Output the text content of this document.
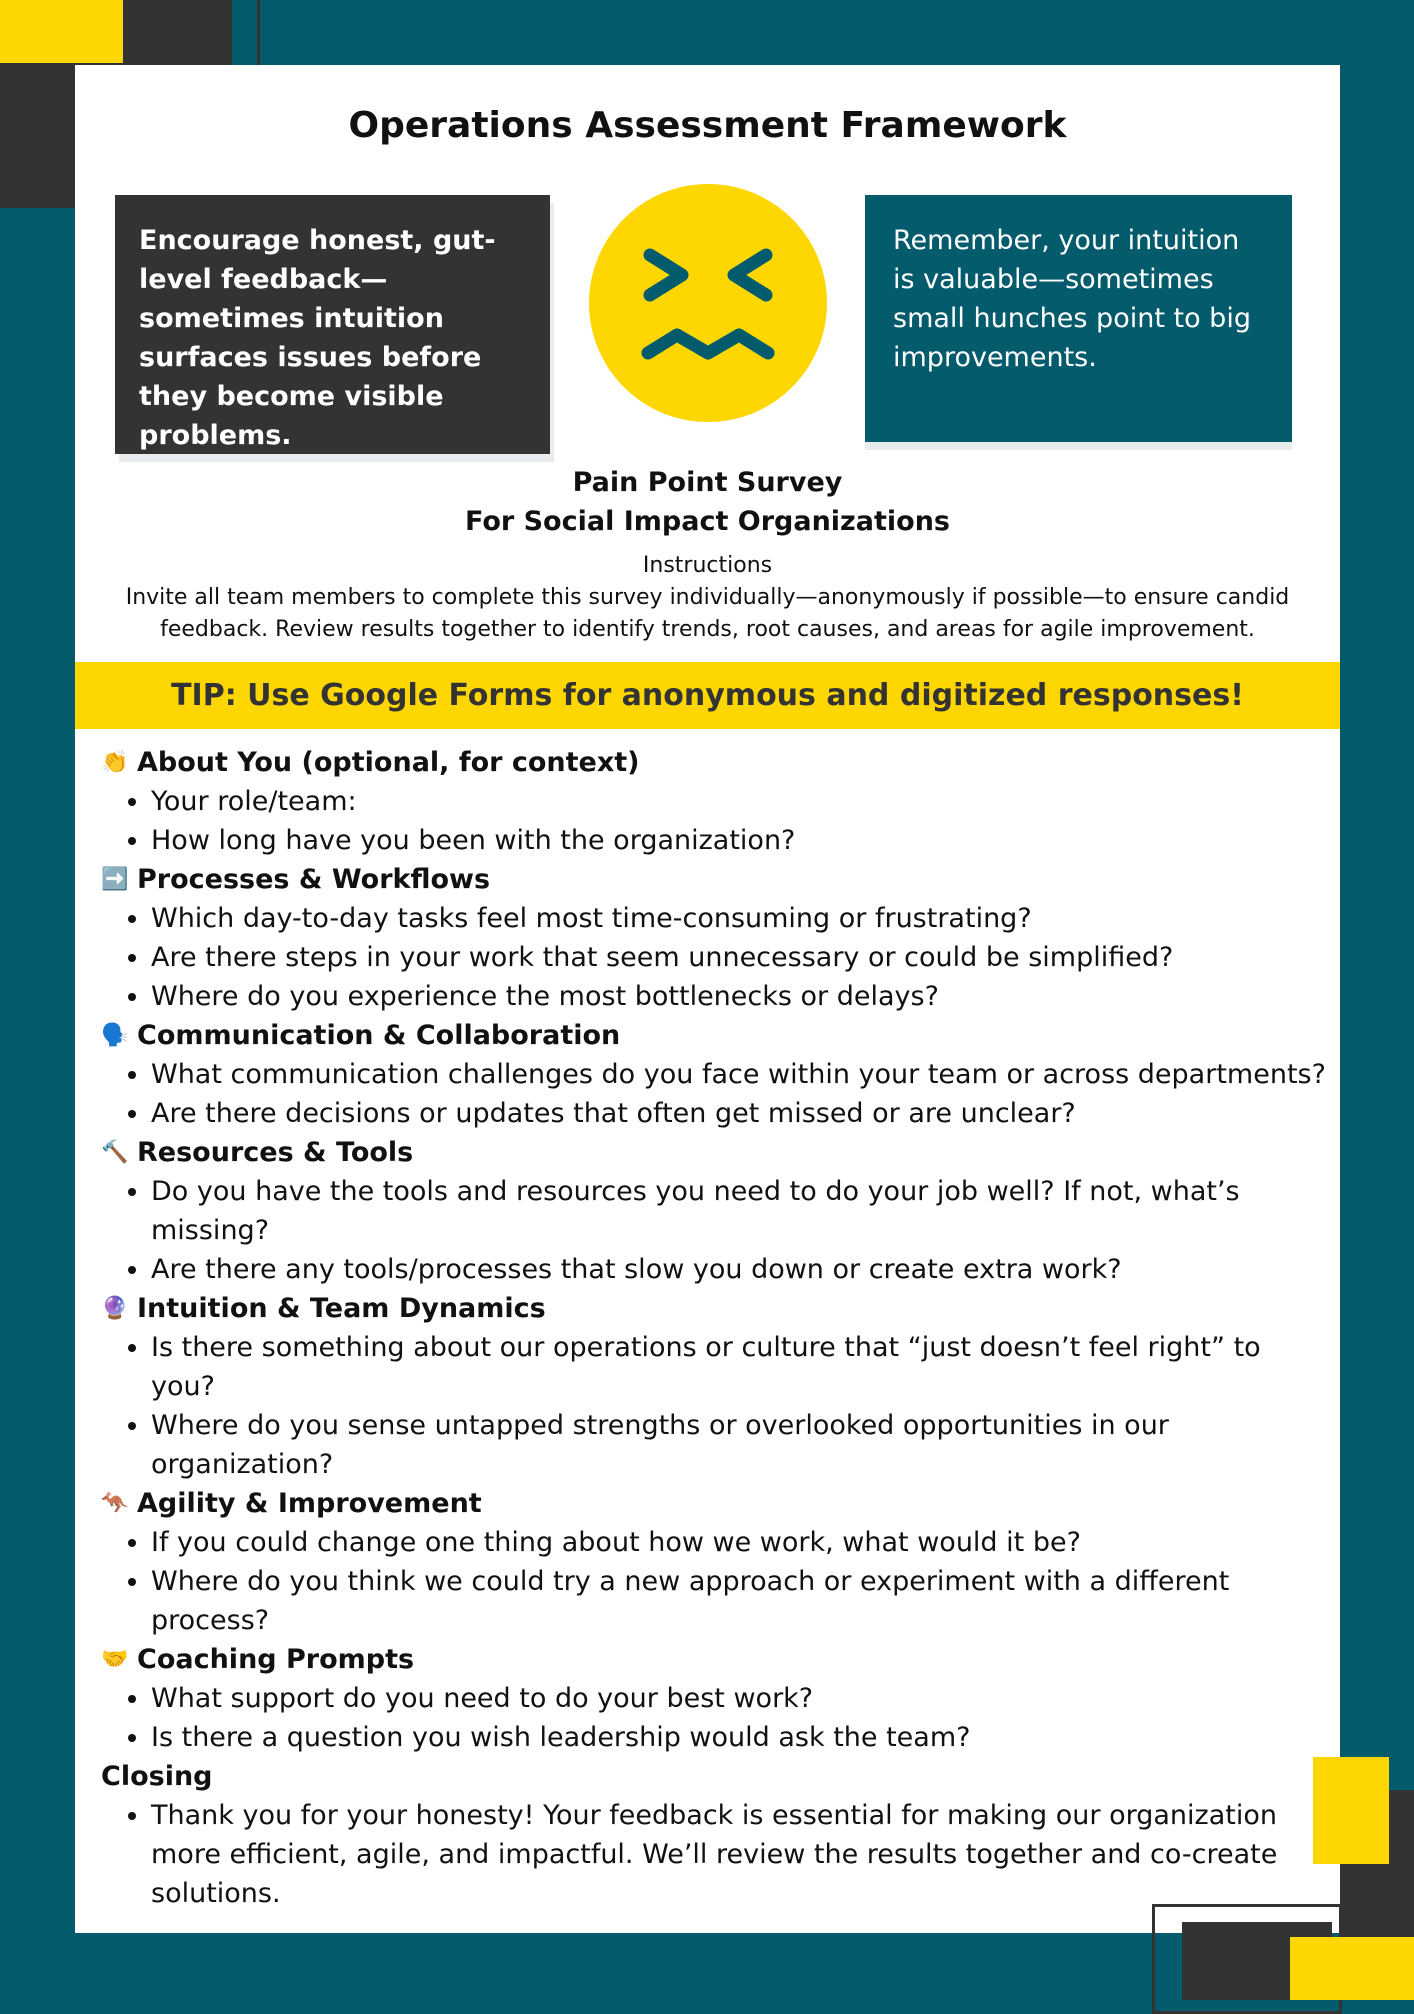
Operations Assessment Framework
Encourage honest, gut-level feedback—sometimes intuition surfaces issues before they become visible problems.
Remember, your intuition is valuable—sometimes small hunches point to big improvements.
Pain Point Survey
For Social Impact Organizations
Instructions
Invite all team members to complete this survey individually—anonymously if possible—to ensure candid feedback. Review results together to identify trends, root causes, and areas for agile improvement.
TIP: Use Google Forms for anonymous and digitized responses!
👏 About You (optional, for context)
• Your role/team:
• How long have you been with the organization?
➡️ Processes & Workflows
• Which day-to-day tasks feel most time-consuming or frustrating?
• Are there steps in your work that seem unnecessary or could be simplified?
• Where do you experience the most bottlenecks or delays?
🗣️ Communication & Collaboration
• What communication challenges do you face within your team or across departments?
• Are there decisions or updates that often get missed or are unclear?
🔨 Resources & Tools
• Do you have the tools and resources you need to do your job well? If not, what’s missing?
• Are there any tools/processes that slow you down or create extra work?
🔮 Intuition & Team Dynamics
• Is there something about our operations or culture that “just doesn’t feel right” to you?
• Where do you sense untapped strengths or overlooked opportunities in our organization?
🦘 Agility & Improvement
• If you could change one thing about how we work, what would it be?
• Where do you think we could try a new approach or experiment with a different process?
🤝 Coaching Prompts
• What support do you need to do your best work?
• Is there a question you wish leadership would ask the team?
Closing
• Thank you for your honesty! Your feedback is essential for making our organization more efficient, agile, and impactful. We’ll review the results together and co-create solutions.
